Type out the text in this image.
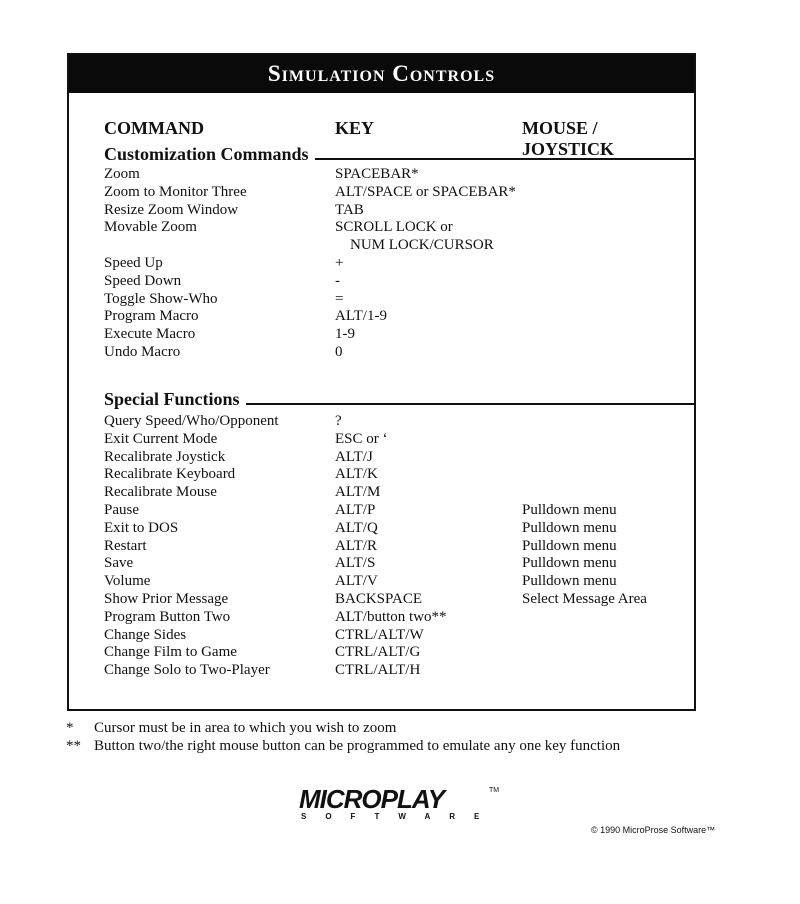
Simulation Controls
COMMAND	KEY	MOUSE / JOYSTICK
Customization Commands
Zoom	SPACEBAR*
Zoom to Monitor Three	ALT/SPACE or SPACEBAR*
Resize Zoom Window	TAB
Movable Zoom	SCROLL LOCK or
NUM LOCK/CURSOR
Speed Up	+
Speed Down	-
Toggle Show-Who	=
Program Macro	ALT/1-9
Execute Macro	1-9
Undo Macro	0
Special Functions
Query Speed/Who/Opponent	?
Exit Current Mode	ESC or ‘
Recalibrate Joystick	ALT/J
Recalibrate Keyboard	ALT/K
Recalibrate Mouse	ALT/M
Pause	ALT/P	Pulldown menu
Exit to DOS	ALT/Q	Pulldown menu
Restart	ALT/R	Pulldown menu
Save	ALT/S	Pulldown menu
Volume	ALT/V	Pulldown menu
Show Prior Message	BACKSPACE	Select Message Area
Program Button Two	ALT/button two**
Change Sides	CTRL/ALT/W
Change Film to Game	CTRL/ALT/G
Change Solo to Two-Player	CTRL/ALT/H
* Cursor must be in area to which you wish to zoom
** Button two/the right mouse button can be programmed to emulate any one key function
MICROPLAY	TM
SOFTWARE
© 1990 MicroProse Software™
